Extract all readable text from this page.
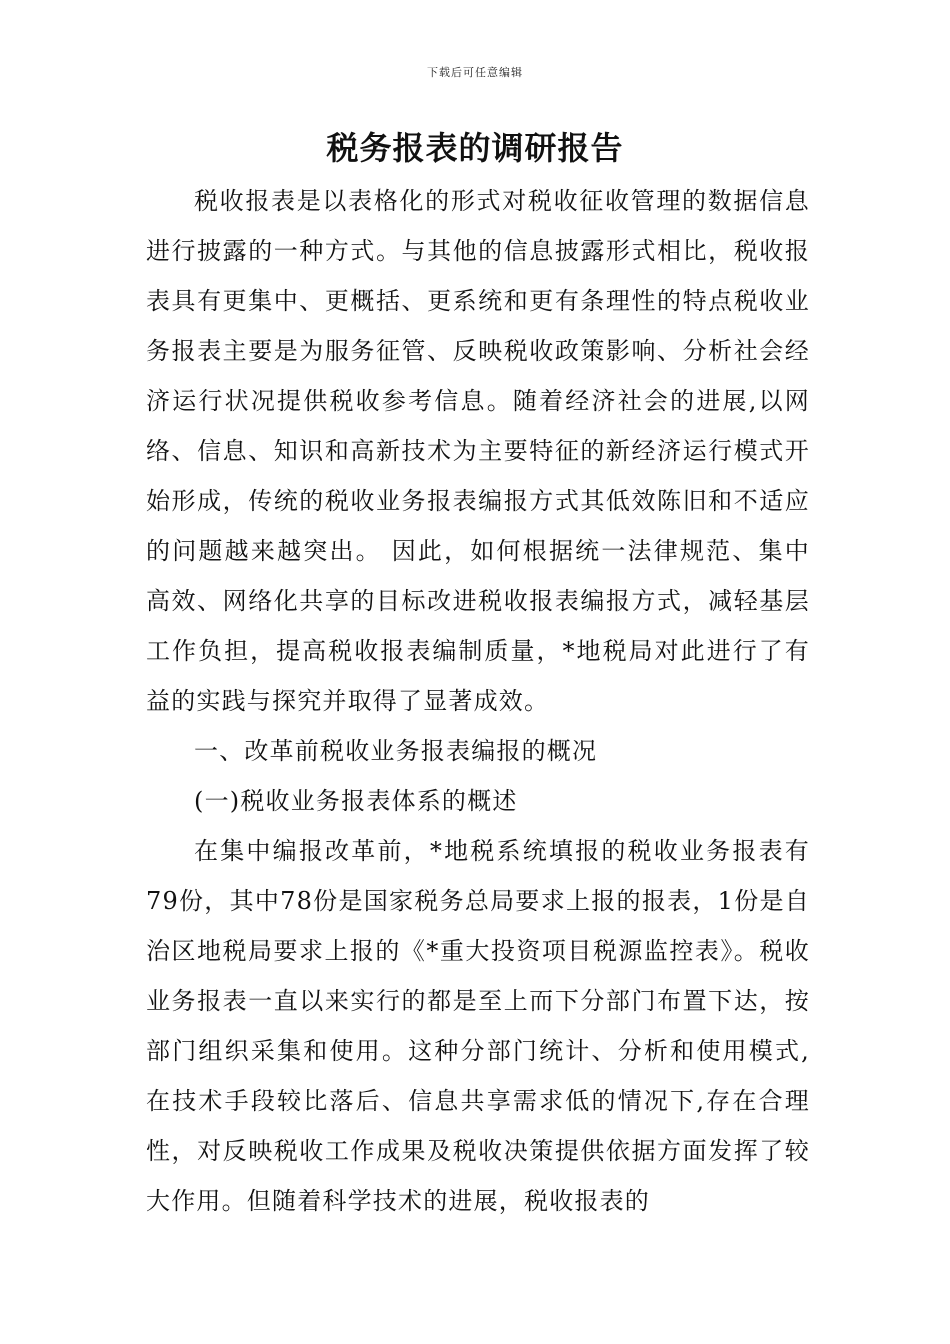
下载后可任意编辑
税务报表的调研报告

税收报表是以表格化的形式对税收征收管理的数据信息进行披露的一种方式。与其他的信息披露形式相比，税收报表具有更集中、更概括、更系统和更有条理性的特点税收业务报表主要是为服务征管、反映税收政策影响、分析社会经济运行状况提供税收参考信息。随着经济社会的进展,以网络、信息、知识和高新技术为主要特征的新经济运行模式开始形成，传统的税收业务报表编报方式其低效陈旧和不适应的问题越来越突出。 因此，如何根据统一法律规范、集中高效、网络化共享的目标改进税收报表编报方式，减轻基层工作负担，提高税收报表编制质量，*地税局对此进行了有益的实践与探究并取得了显著成效。

一、改革前税收业务报表编报的概况

(一)税收业务报表体系的概述

在集中编报改革前，*地税系统填报的税收业务报表有79份，其中78份是国家税务总局要求上报的报表，1份是自治区地税局要求上报的《*重大投资项目税源监控表》。税收业务报表一直以来实行的都是至上而下分部门布置下达，按部门组织采集和使用。这种分部门统计、分析和使用模式,在技术手段较比落后、信息共享需求低的情况下,存在合理性，对反映税收工作成果及税收决策提供依据方面发挥了较大作用。但随着科学技术的进展，税收报表的
